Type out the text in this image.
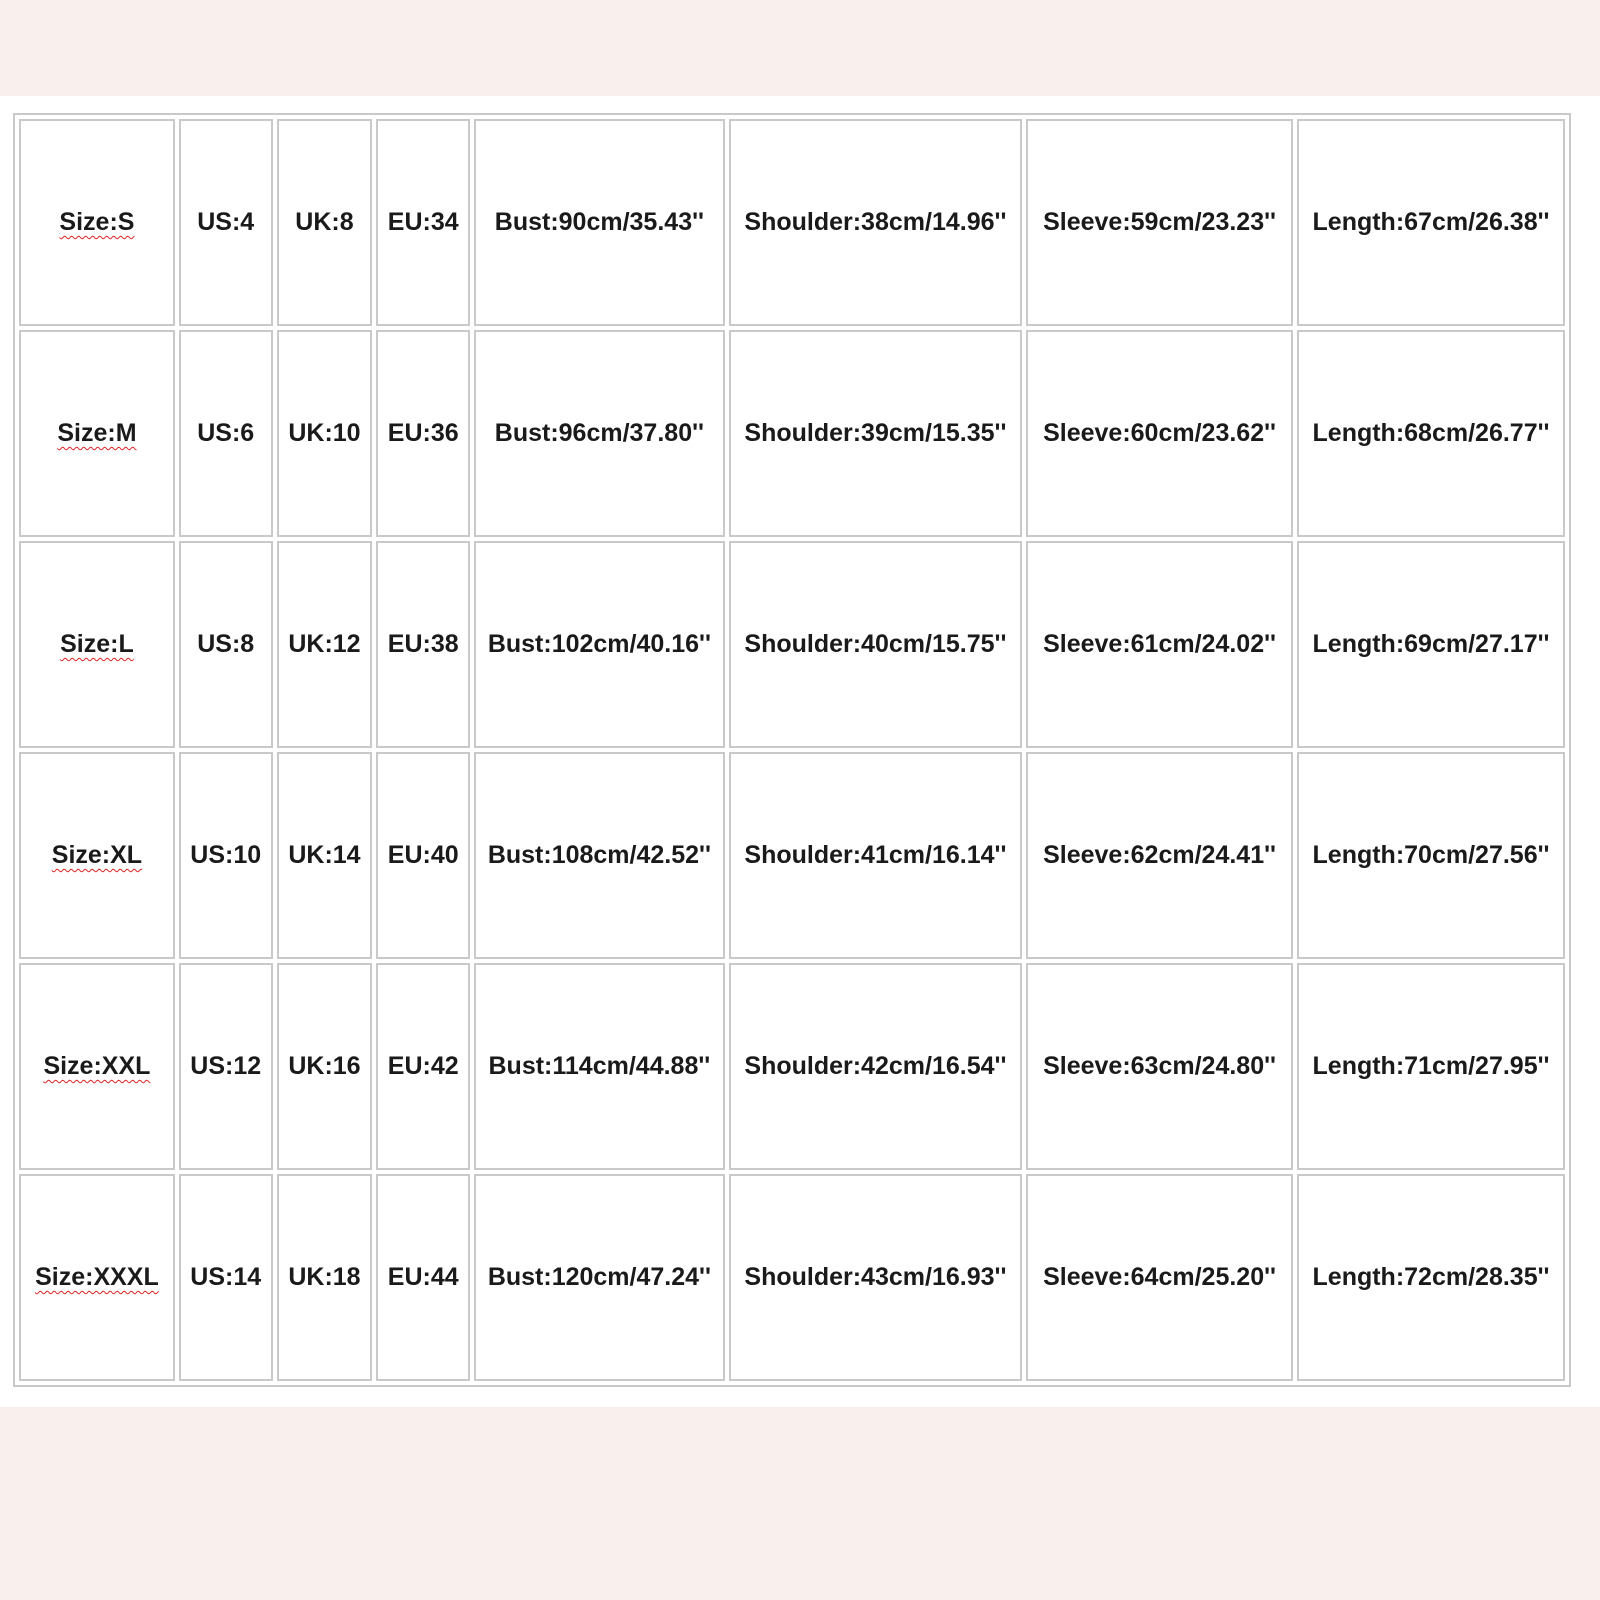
Size:S	US:4	UK:8	EU:34	Bust:90cm/35.43''	Shoulder:38cm/14.96''	Sleeve:59cm/23.23''	Length:67cm/26.38''
Size:M	US:6	UK:10	EU:36	Bust:96cm/37.80''	Shoulder:39cm/15.35''	Sleeve:60cm/23.62''	Length:68cm/26.77''
Size:L	US:8	UK:12	EU:38	Bust:102cm/40.16''	Shoulder:40cm/15.75''	Sleeve:61cm/24.02''	Length:69cm/27.17''
Size:XL	US:10	UK:14	EU:40	Bust:108cm/42.52''	Shoulder:41cm/16.14''	Sleeve:62cm/24.41''	Length:70cm/27.56''
Size:XXL	US:12	UK:16	EU:42	Bust:114cm/44.88''	Shoulder:42cm/16.54''	Sleeve:63cm/24.80''	Length:71cm/27.95''
Size:XXXL	US:14	UK:18	EU:44	Bust:120cm/47.24''	Shoulder:43cm/16.93''	Sleeve:64cm/25.20''	Length:72cm/28.35''
